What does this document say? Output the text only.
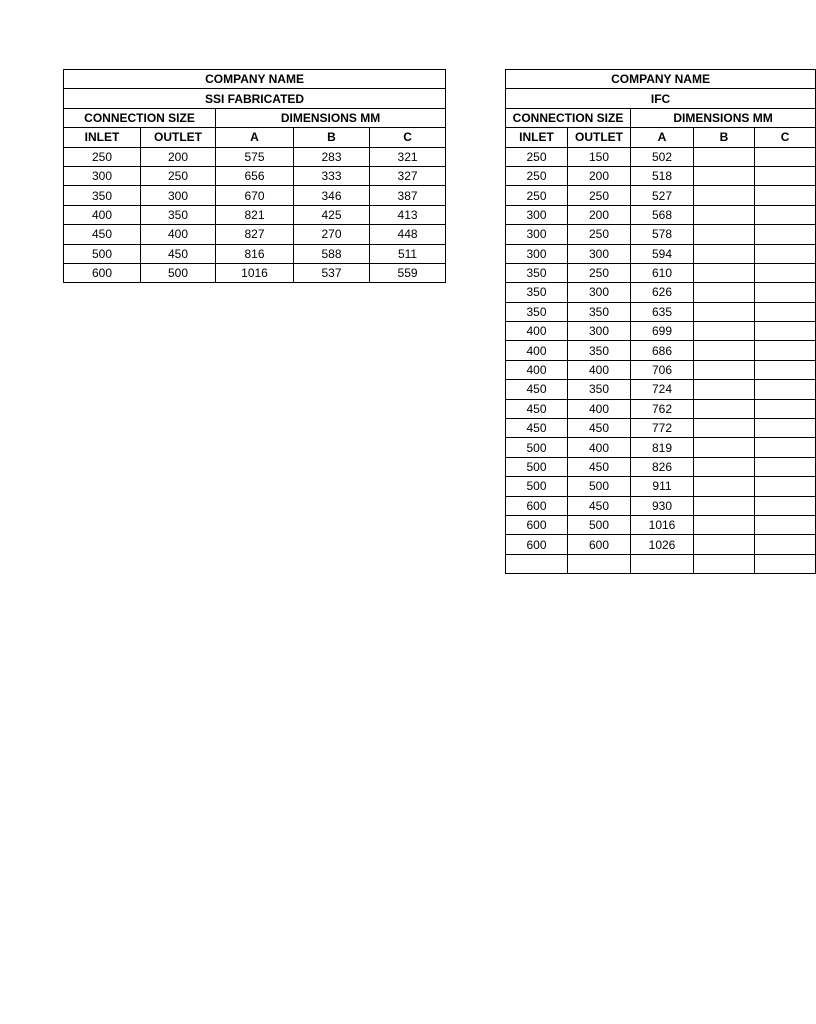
COMPANY NAME				
SSI FABRICATED				
CONNECTION SIZE		DIMENSIONS MM		
INLET	OUTLET	A	B	C
250	200	575	283	321
300	250	656	333	327
350	300	670	346	387
400	350	821	425	413
450	400	827	270	448
500	450	816	588	511
600	500	1016	537	559
COMPANY NAME				
IFC				
CONNECTION SIZE		DIMENSIONS MM		
INLET	OUTLET	A	B	C
250	150	502		
250	200	518		
250	250	527		
300	200	568		
300	250	578		
300	300	594		
350	250	610		
350	300	626		
350	350	635		
400	300	699		
400	350	686		
400	400	706		
450	350	724		
450	400	762		
450	450	772		
500	400	819		
500	450	826		
500	500	911		
600	450	930		
600	500	1016		
600	600	1026		
